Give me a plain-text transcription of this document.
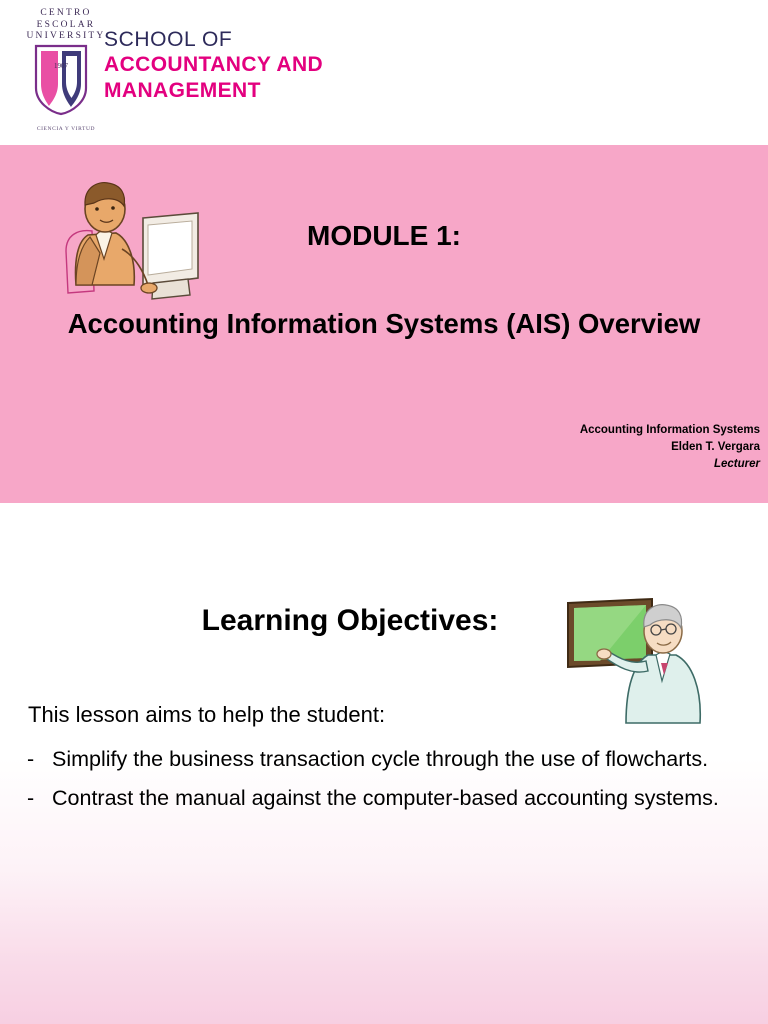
CENTRO ESCOLAR UNIVERSITY
1907
CIENCIA Y VIRTUD
SCHOOL OF
ACCOUNTANCY AND
MANAGEMENT
MODULE 1:
Accounting Information Systems (AIS) Overview
Accounting Information Systems
Elden T. Vergara
Lecturer
Learning Objectives:
This lesson aims to help the student:
- Simplify the business transaction cycle through the use of flowcharts.
- Contrast the manual against the computer-based accounting systems.
